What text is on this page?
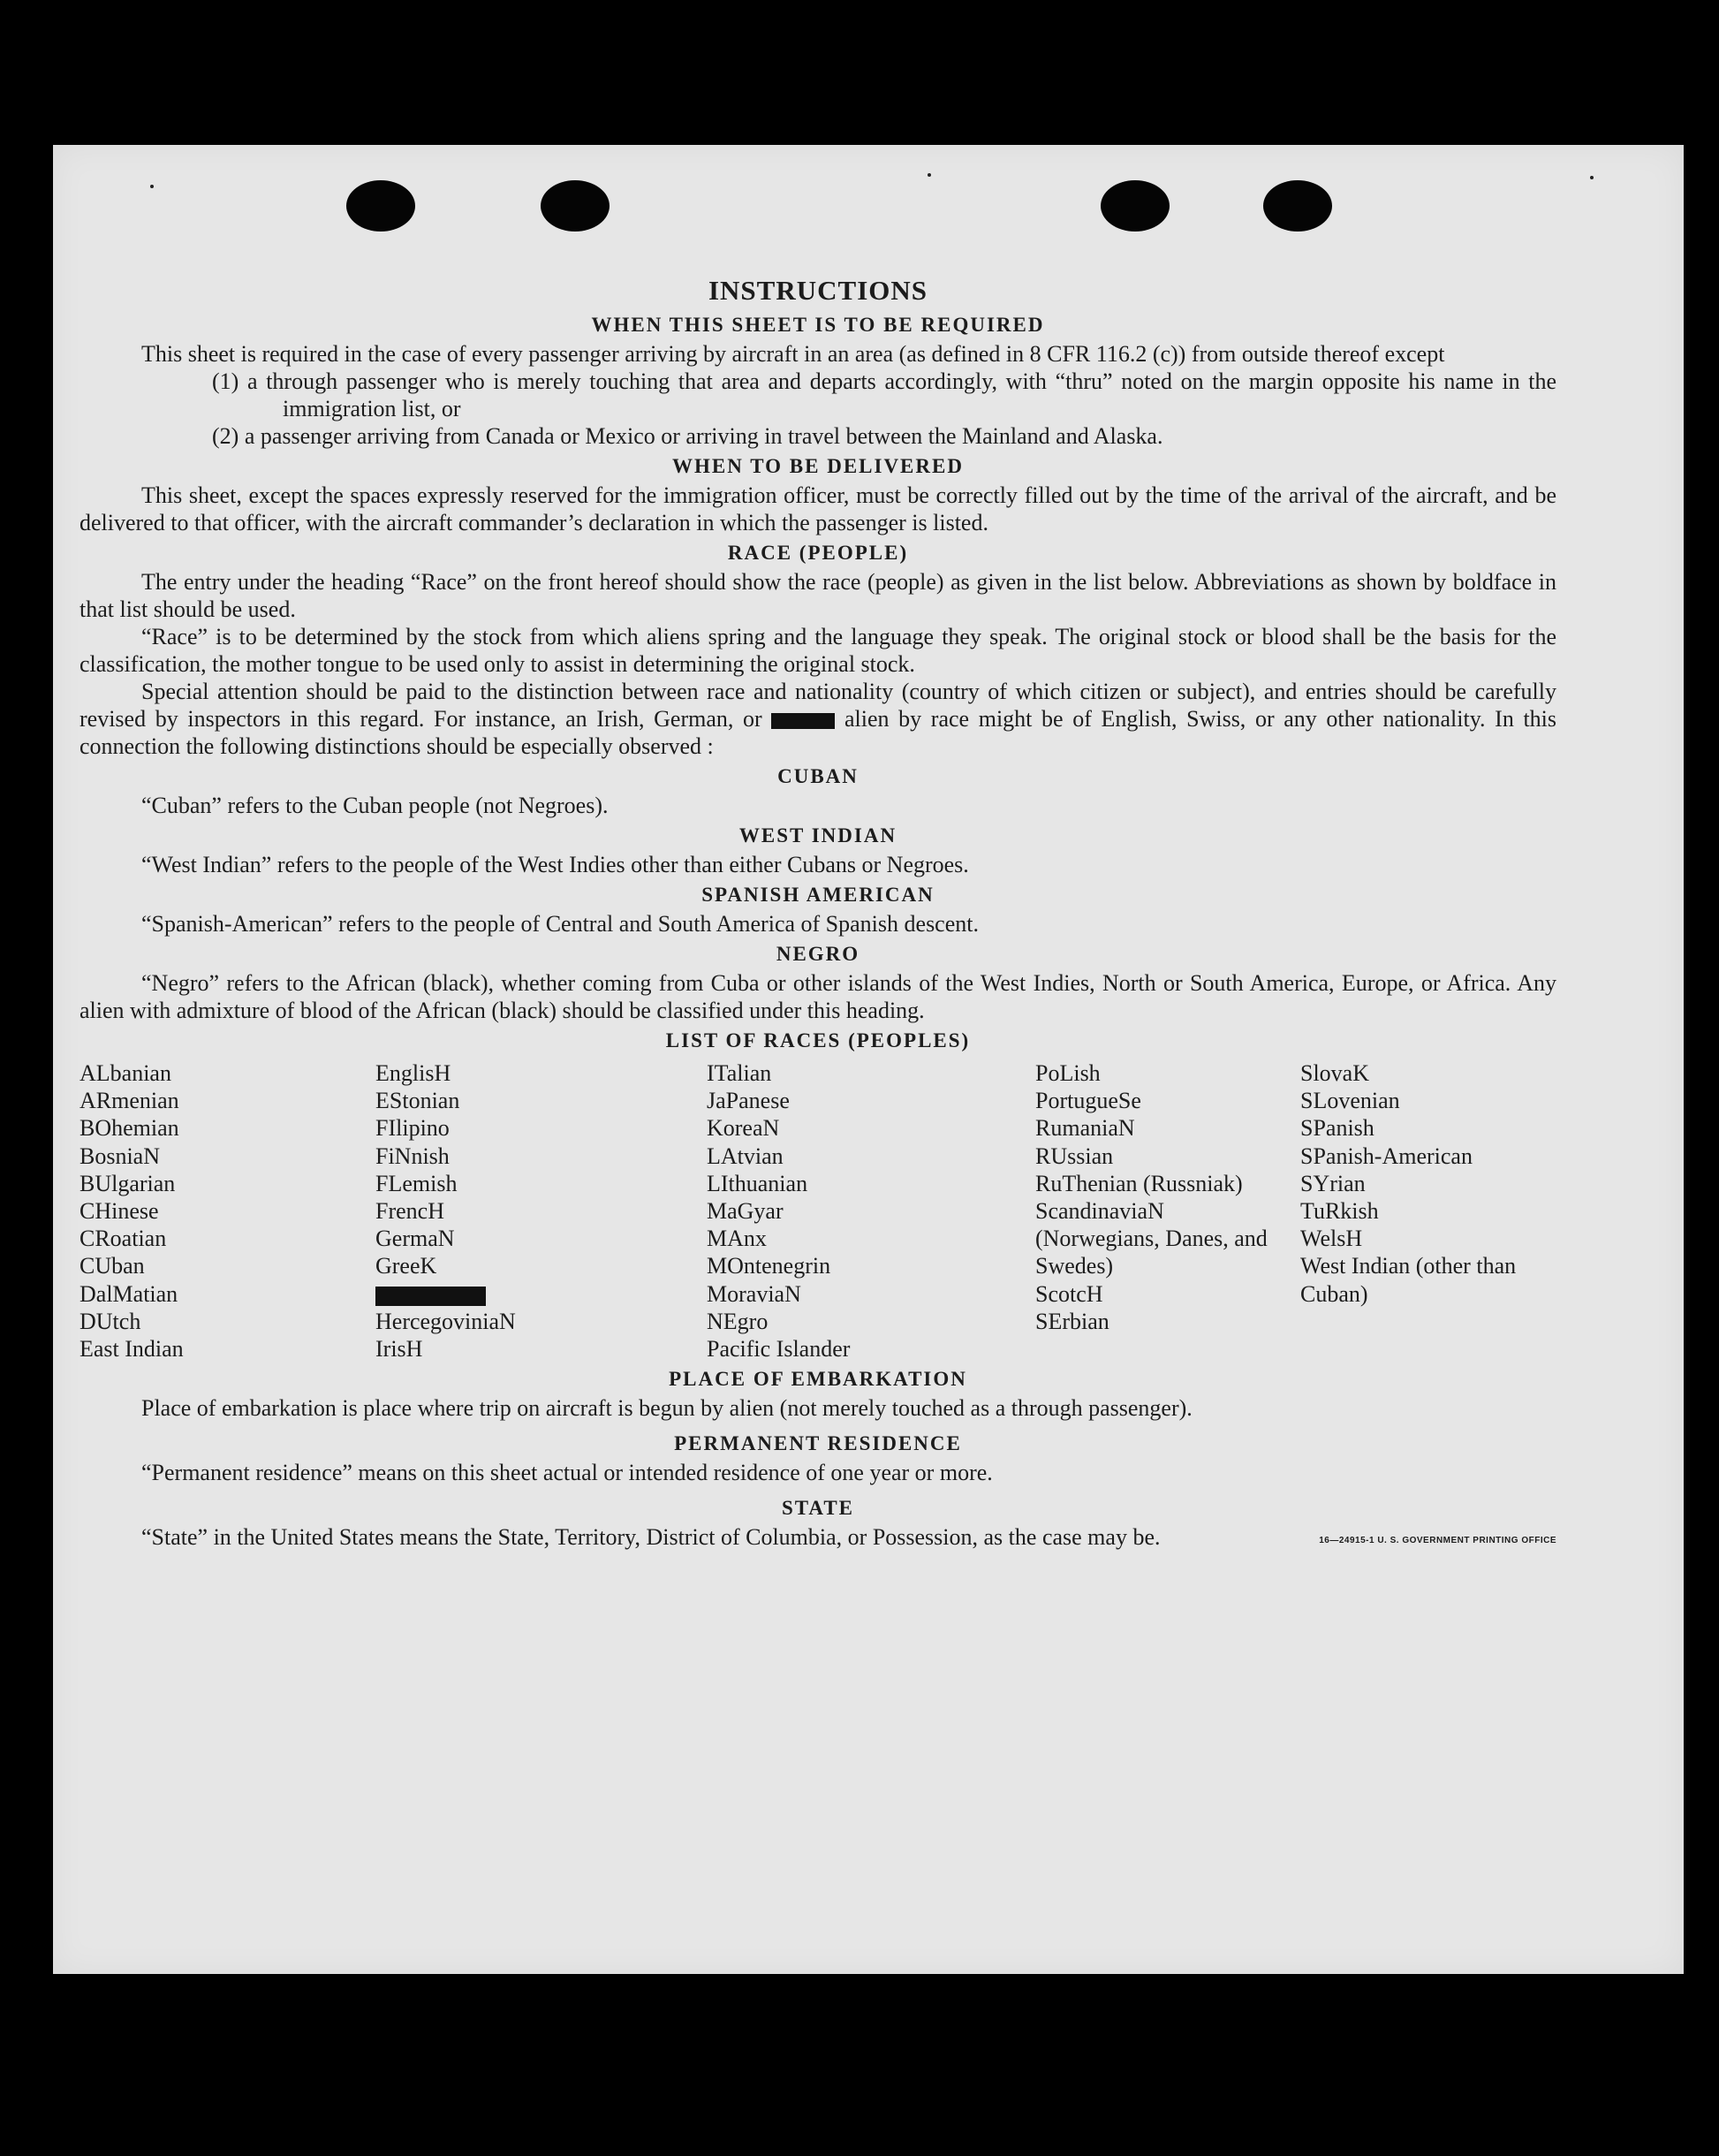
INSTRUCTIONS
WHEN THIS SHEET IS TO BE REQUIRED

This sheet is required in the case of every passenger arriving by aircraft in an area (as defined in 8 CFR 116.2 (c)) from outside thereof except

(1) a through passenger who is merely touching that area and departs accordingly, with “thru” noted on the margin opposite his name in the immigration list, or

(2) a passenger arriving from Canada or Mexico or arriving in travel between the Mainland and Alaska.

WHEN TO BE DELIVERED

This sheet, except the spaces expressly reserved for the immigration officer, must be correctly filled out by the time of the arrival of the aircraft, and be delivered to that officer, with the aircraft commander’s declaration in which the passenger is listed.

RACE (PEOPLE)

The entry under the heading “Race” on the front hereof should show the race (people) as given in the list below. Abbreviations as shown by boldface in that list should be used.

“Race” is to be determined by the stock from which aliens spring and the language they speak. The original stock or blood shall be the basis for the classification, the mother tongue to be used only to assist in determining the original stock.

Special attention should be paid to the distinction between race and nationality (country of which citizen or subject), and entries should be carefully revised by inspectors in this regard. For instance, an Irish, German, or	alien by race might be of English, Swiss, or any other nationality. In this connection the following distinctions should be especially observed :

CUBAN

“Cuban” refers to the Cuban people (not Negroes).

WEST INDIAN

“West Indian” refers to the people of the West Indies other than either Cubans or Negroes.

SPANISH AMERICAN

“Spanish-American” refers to the people of Central and South America of Spanish descent.

NEGRO

“Negro” refers to the African (black), whether coming from Cuba or other islands of the West Indies, North or South America, Europe, or Africa. Any alien with admixture of blood of the African (black) should be classified under this heading.

LIST OF RACES (PEOPLES)
ALbanian
ARmenian
BOhemian
BosniaN
BUlgarian
CHinese
CRoatian
CUban
DalMatian
DUtch
East Indian
EnglisH
EStonian
FIlipino
FiNnish
FLemish
FrencH
GermaN
GreeK
HercegoviniaN
IrisH
ITalian
JaPanese
KoreaN
LAtvian
LIthuanian
MaGyar
MAnx
MOntenegrin
MoraviaN
NEgro
Pacific Islander
PoLish
PortugueSe
RumaniaN
RUssian
RuThenian (Russniak)
ScandinaviaN (Norwegians, Danes, and Swedes)
ScotcH
SErbian
SlovaK
SLovenian
SPanish
SPanish-American
SYrian
TuRkish
WelsH
West Indian (other than Cuban)
PLACE OF EMBARKATION

Place of embarkation is place where trip on aircraft is begun by alien (not merely touched as a through passenger).

PERMANENT RESIDENCE

“Permanent residence” means on this sheet actual or intended residence of one year or more.

STATE

“State” in the United States means the State, Territory, District of Columbia, or Possession, as the case may be.	16—24915-1 U. S. GOVERNMENT PRINTING OFFICE
